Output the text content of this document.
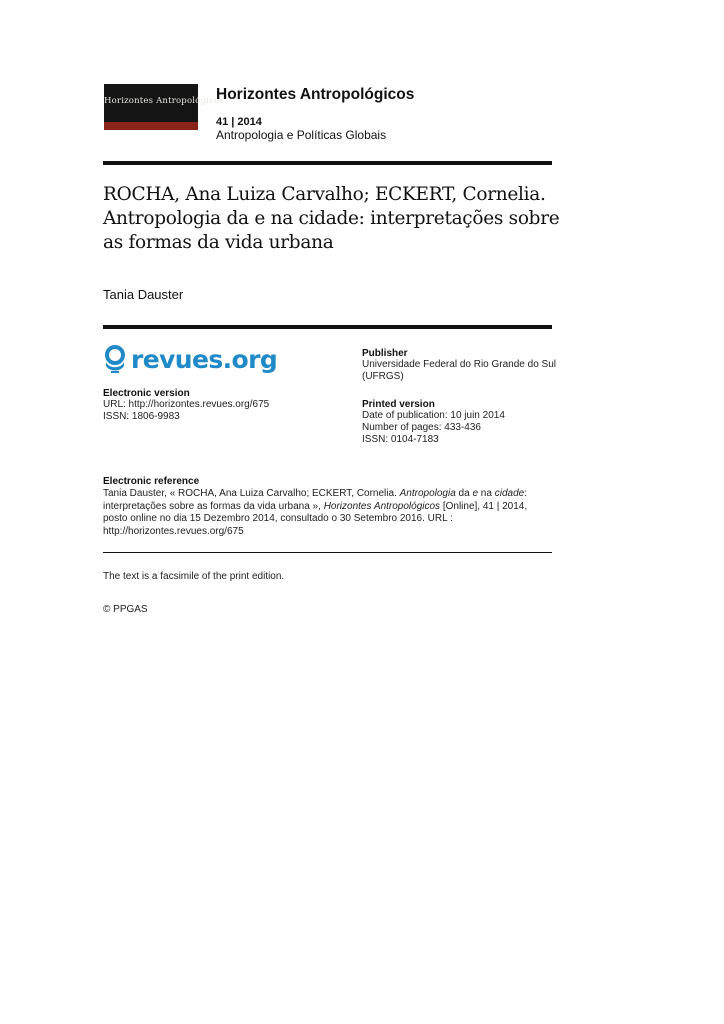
Horizontes Antropológicos
Horizontes Antropológicos
41 | 2014
Antropologia e Políticas Globais
ROCHA, Ana Luiza Carvalho; ECKERT, Cornelia.
Antropologia da e na cidade: interpretações sobre
as formas da vida urbana
Tania Dauster
revues.org
Electronic version
URL: http://horizontes.revues.org/675
ISSN: 1806-9983
Publisher
Universidade Federal do Rio Grande do Sul
(UFRGS)
Printed version
Date of publication: 10 juin 2014
Number of pages: 433-436
ISSN: 0104-7183
Electronic reference
Tania Dauster, « ROCHA, Ana Luiza Carvalho; ECKERT, Cornelia. Antropologia da e na cidade: interpretações sobre as formas da vida urbana », Horizontes Antropológicos [Online], 41 | 2014, posto online no dia 15 Dezembro 2014, consultado o 30 Setembro 2016. URL : http://horizontes.revues.org/675
The text is a facsimile of the print edition.
© PPGAS
